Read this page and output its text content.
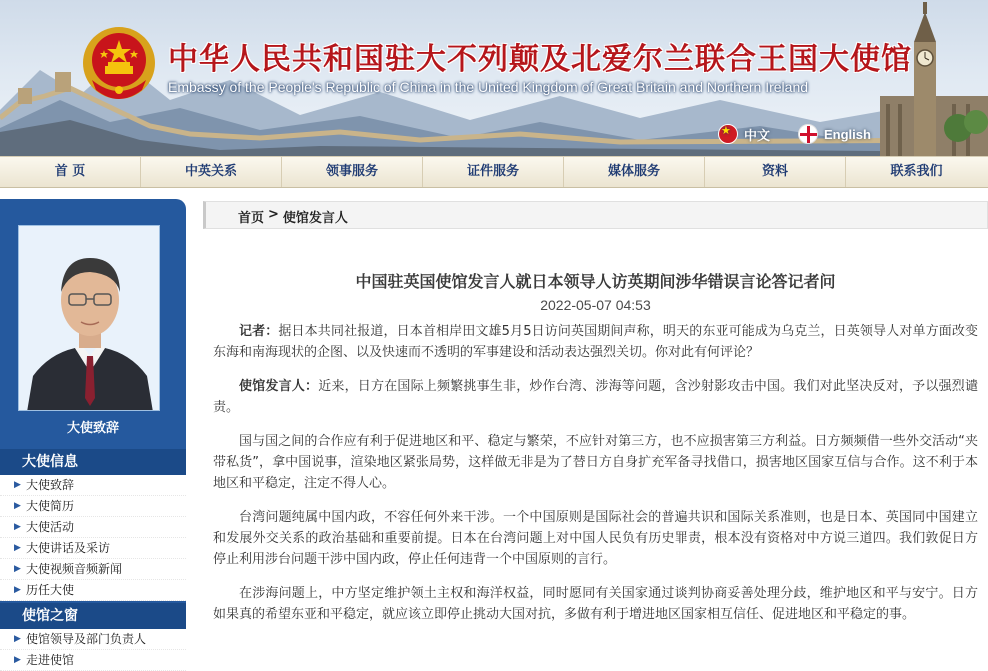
中华人民共和国驻大不列颠及北爱尔兰联合王国大使馆
Embassy of the People's Republic of China in the United Kingdom of Great Britain and Northern Ireland
★ 中文	English
首 页	中英关系	领事服务	证件服务	媒体服务	资料	联系我们
大使致辞
大使信息
▶ 大使致辞
▶ 大使简历
▶ 大使活动
▶ 大使讲话及采访
▶ 大使视频音频新闻
▶ 历任大使
使馆之窗
▶ 使馆领导及部门负责人
▶ 走进使馆
首页 > 使馆发言人
中国驻英国使馆发言人就日本领导人访英期间涉华错误言论答记者问
2022-05-07 04:53

记者：据日本共同社报道，日本首相岸田文雄5月5日访问英国期间声称，明天的东亚可能成为乌克兰，日英领导人对单方面改变东海和南海现状的企图、以及快速而不透明的军事建设和活动表达强烈关切。你对此有何评论？

使馆发言人：近来，日方在国际上频繁挑事生非，炒作台湾、涉海等问题，含沙射影攻击中国。我们对此坚决反对，予以强烈谴责。

国与国之间的合作应有利于促进地区和平、稳定与繁荣，不应针对第三方，也不应损害第三方利益。日方频频借一些外交活动“夹带私货”，拿中国说事，渲染地区紧张局势，这样做无非是为了替日方自身扩充军备寻找借口，损害地区国家互信与合作。这不利于本地区和平稳定，注定不得人心。

台湾问题纯属中国内政，不容任何外来干涉。一个中国原则是国际社会的普遍共识和国际关系准则，也是日本、英国同中国建立和发展外交关系的政治基础和重要前提。日本在台湾问题上对中国人民负有历史罪责，根本没有资格对中方说三道四。我们敦促日方停止利用涉台问题干涉中国内政，停止任何违背一个中国原则的言行。

在涉海问题上，中方坚定维护领土主权和海洋权益，同时愿同有关国家通过谈判协商妥善处理分歧，维护地区和平与安宁。日方如果真的希望东亚和平稳定，就应该立即停止挑动大国对抗，多做有利于增进地区国家相互信任、促进地区和平稳定的事。
